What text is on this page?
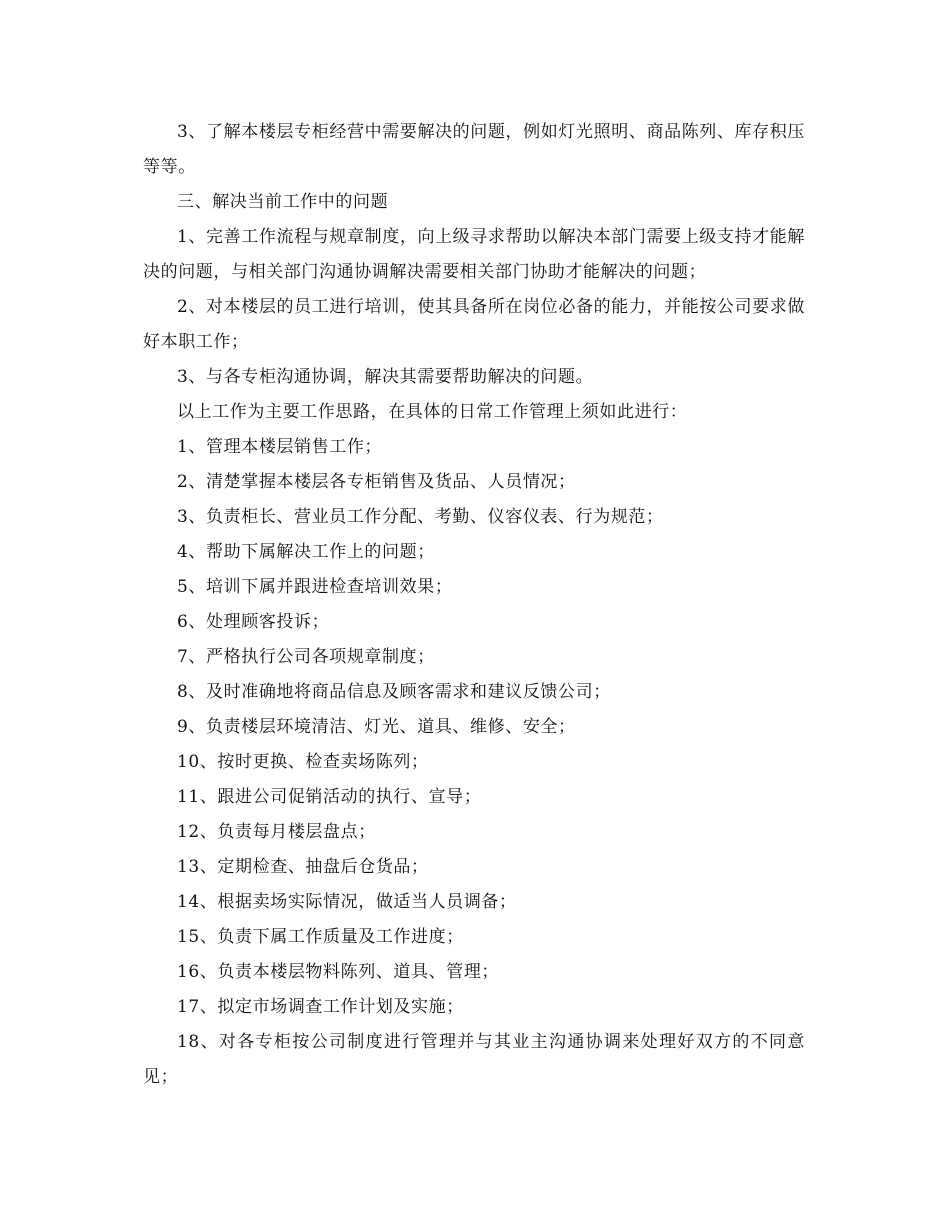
3、了解本楼层专柜经营中需要解决的问题，例如灯光照明、商品陈列、库存积压等等。

三、解决当前工作中的问题

1、完善工作流程与规章制度，向上级寻求帮助以解决本部门需要上级支持才能解决的问题，与相关部门沟通协调解决需要相关部门协助才能解决的问题；

2、对本楼层的员工进行培训，使其具备所在岗位必备的能力，并能按公司要求做好本职工作；

3、与各专柜沟通协调，解决其需要帮助解决的问题。

以上工作为主要工作思路，在具体的日常工作管理上须如此进行：

1、管理本楼层销售工作；

2、清楚掌握本楼层各专柜销售及货品、人员情况；

3、负责柜长、营业员工作分配、考勤、仪容仪表、行为规范；

4、帮助下属解决工作上的问题；

5、培训下属并跟进检查培训效果；

6、处理顾客投诉；

7、严格执行公司各项规章制度；

8、及时准确地将商品信息及顾客需求和建议反馈公司；

9、负责楼层环境清洁、灯光、道具、维修、安全；

10、按时更换、检查卖场陈列；

11、跟进公司促销活动的执行、宣导；

12、负责每月楼层盘点；

13、定期检查、抽盘后仓货品；

14、根据卖场实际情况，做适当人员调备；

15、负责下属工作质量及工作进度；

16、负责本楼层物料陈列、道具、管理；

17、拟定市场调查工作计划及实施；

18、对各专柜按公司制度进行管理并与其业主沟通协调来处理好双方的不同意见；
